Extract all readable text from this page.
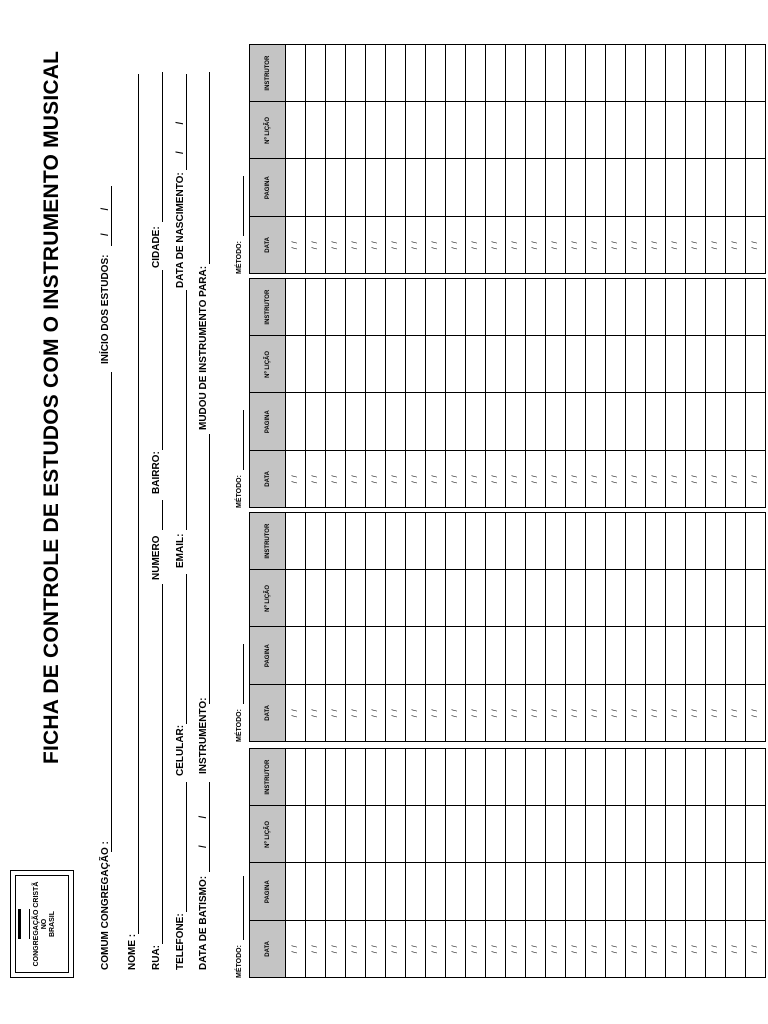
CONGREGAÇÃO CRISTÃ NO BRASIL
FICHA DE CONTROLE DE ESTUDOS COM O INSTRUMENTO MUSICAL
COMUM CONGREGAÇÃO :
INÍCIO DOS ESTUDOS:
/ /
NOME : RUA:
NUMERO
BAIRRO:
CIDADE:
TELEFONE:
CELULAR:
EMAIL:
DATA DE NASCIMENTO:
/ /
DATA DE BATISMO:
/ /
INSTRUMENTO:
MUDOU DE INSTRUMENTO PARA:
MÉTODO:
MÉTODO:
MÉTODO:
MÉTODO:
DATA	PAGINA	Nº LIÇÃO	INSTRUTOR
/ /			
/ /			
/ /			
/ /			
/ /			
/ /			
/ /			
/ /			
/ /			
/ /			
/ /			
/ /			
/ /			
/ /			
/ /			
/ /			
/ /			
/ /			
/ /			
/ /			
/ /			
/ /			
/ /			
/ /			
DATA	PAGINA	Nº LIÇÃO	INSTRUTOR
/ /			
/ /			
/ /			
/ /			
/ /			
/ /			
/ /			
/ /			
/ /			
/ /			
/ /			
/ /			
/ /			
/ /			
/ /			
/ /			
/ /			
/ /			
/ /			
/ /			
/ /			
/ /			
/ /			
/ /			
DATA	PAGINA	Nº LIÇÃO	INSTRUTOR
/ /			
/ /			
/ /			
/ /			
/ /			
/ /			
/ /			
/ /			
/ /			
/ /			
/ /			
/ /			
/ /			
/ /			
/ /			
/ /			
/ /			
/ /			
/ /			
/ /			
/ /			
/ /			
/ /			
/ /			
DATA	PAGINA	Nº LIÇÃO	INSTRUTOR
/ /			
/ /			
/ /			
/ /			
/ /			
/ /			
/ /			
/ /			
/ /			
/ /			
/ /			
/ /			
/ /			
/ /			
/ /			
/ /			
/ /			
/ /			
/ /			
/ /			
/ /			
/ /			
/ /			
/ /			
